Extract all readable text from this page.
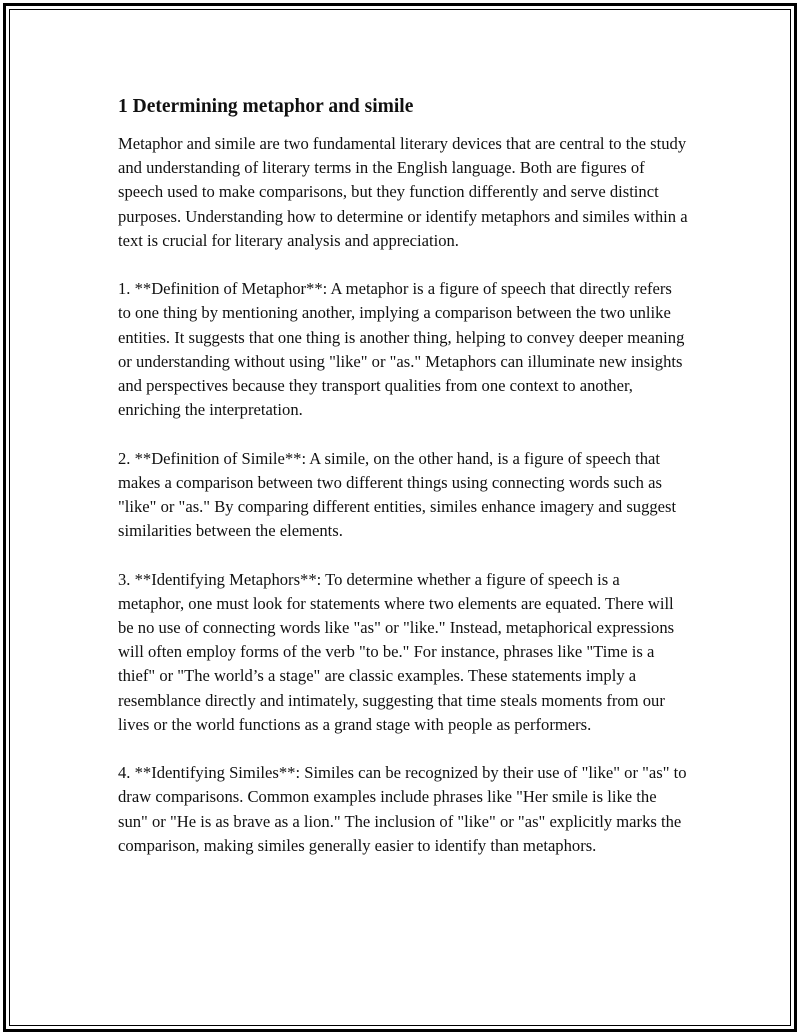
1 Determining metaphor and simile

Metaphor and simile are two fundamental literary devices that are central to the study and understanding of literary terms in the English language. Both are figures of speech used to make comparisons, but they function differently and serve distinct purposes. Understanding how to determine or identify metaphors and similes within a text is crucial for literary analysis and appreciation.

1. **Definition of Metaphor**: A metaphor is a figure of speech that directly refers to one thing by mentioning another, implying a comparison between the two unlike entities. It suggests that one thing is another thing, helping to convey deeper meaning or understanding without using "like" or "as." Metaphors can illuminate new insights and perspectives because they transport qualities from one context to another, enriching the interpretation.

2. **Definition of Simile**: A simile, on the other hand, is a figure of speech that makes a comparison between two different things using connecting words such as "like" or "as." By comparing different entities, similes enhance imagery and suggest similarities between the elements.

3. **Identifying Metaphors**: To determine whether a figure of speech is a metaphor, one must look for statements where two elements are equated. There will be no use of connecting words like "as" or "like." Instead, metaphorical expressions will often employ forms of the verb "to be." For instance, phrases like "Time is a thief" or "The world’s a stage" are classic examples. These statements imply a resemblance directly and intimately, suggesting that time steals moments from our lives or the world functions as a grand stage with people as performers.

4. **Identifying Similes**: Similes can be recognized by their use of "like" or "as" to draw comparisons. Common examples include phrases like "Her smile is like the sun" or "He is as brave as a lion." The inclusion of "like" or "as" explicitly marks the comparison, making similes generally easier to identify than metaphors.
